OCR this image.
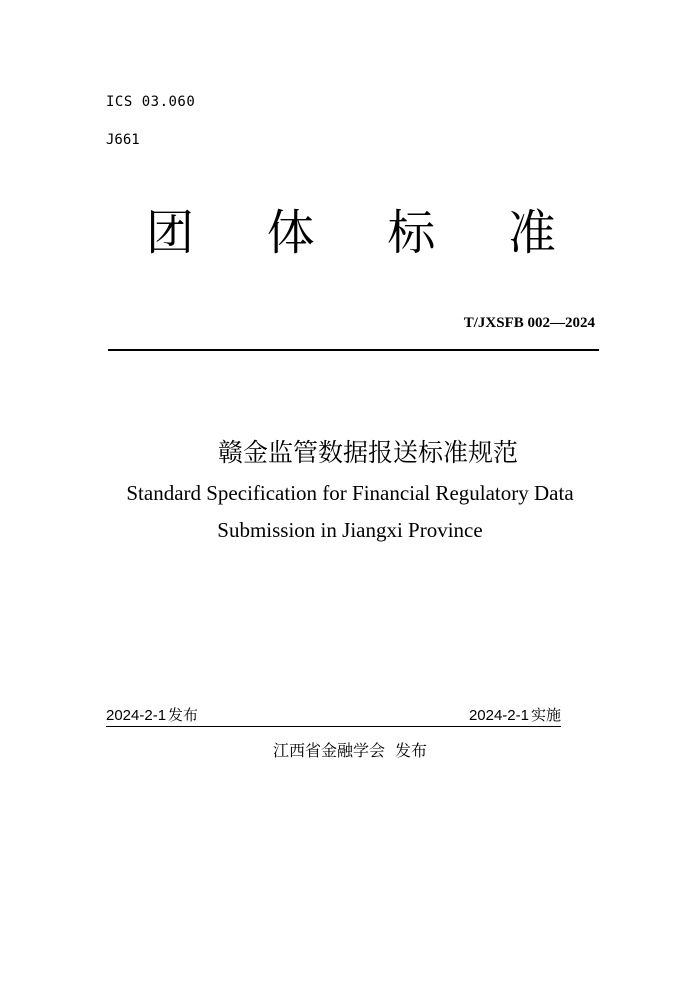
ICS 03.060
J661
团 体 标 准
T/JXSFB 002—2024
赣金监管数据报送标准规范
Standard Specification for Financial Regulatory Data
Submission in Jiangxi Province
2024-2-1 发布	2024-2-1 实施
江西省金融学会 发布
